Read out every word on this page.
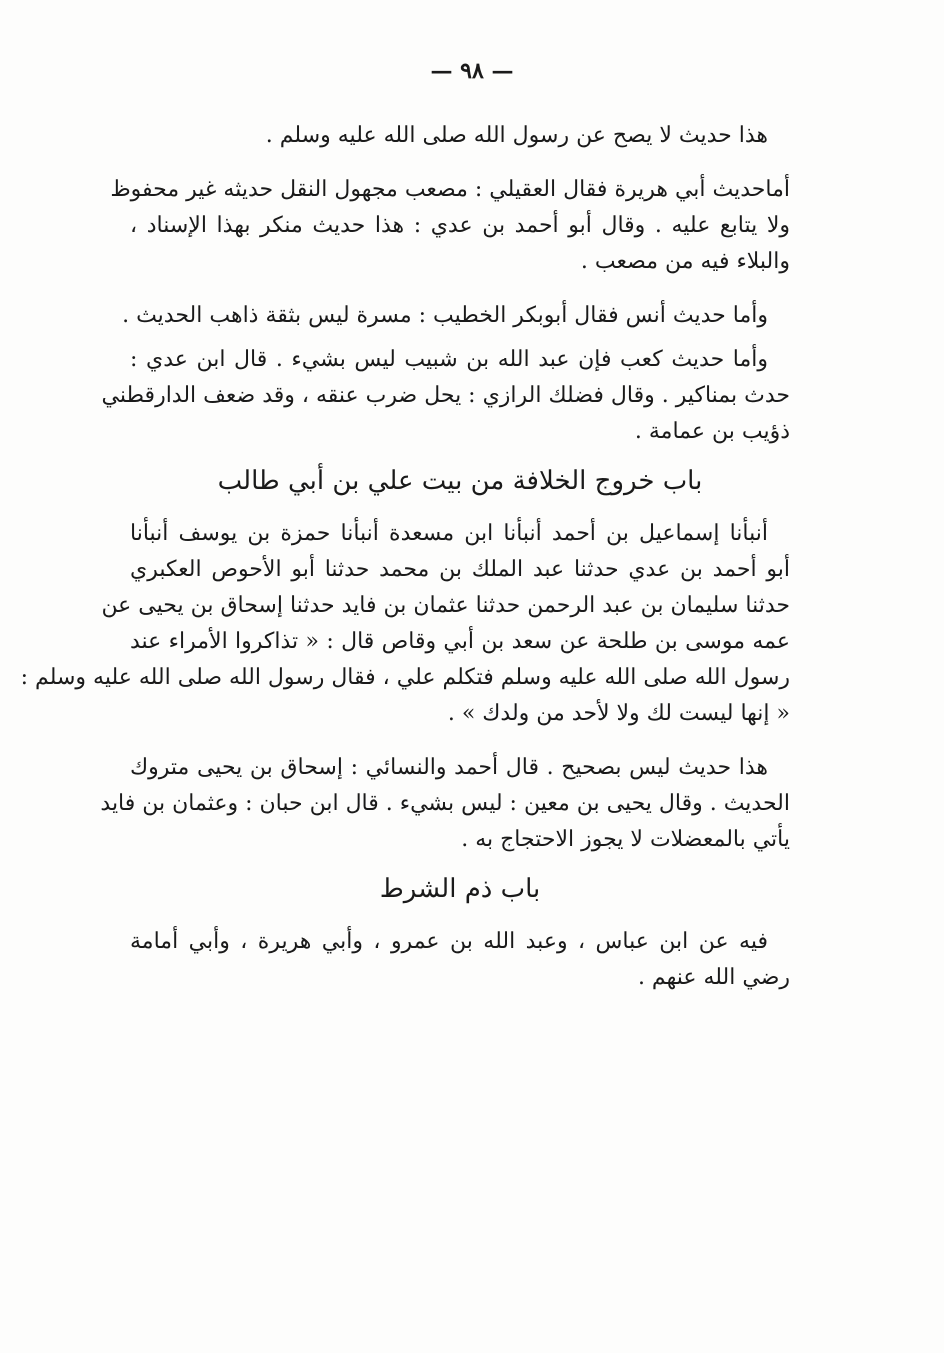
— ٩٨ —
هذا حديث لا يصح عن رسول الله صلى الله عليه وسلم .
أماحديث أبي هريرة فقال العقيلي : مصعب مجهول النقل حديثه غير محفوظ
ولا يتابع عليه . وقال أبو أحمد بن عدي : هذا حديث منكر بهذا الإسناد ،
والبلاء فيه من مصعب .
وأما حديث أنس فقال أبوبكر الخطيب : مسرة ليس بثقة ذاهب الحديث .
وأما حديث كعب فإن عبد الله بن شبيب ليس بشيء . قال ابن عدي :
حدث بمناكير . وقال فضلك الرازي : يحل ضرب عنقه ، وقد ضعف الدارقطني
ذؤيب بن عمامة .
باب خروج الخلافة من بيت علي بن أبي طالب
أنبأنا إسماعيل بن أحمد أنبأنا ابن مسعدة أنبأنا حمزة بن يوسف أنبأنا
أبو أحمد بن عدي حدثنا عبد الملك بن محمد حدثنا أبو الأحوص العكبري
حدثنا سليمان بن عبد الرحمن حدثنا عثمان بن فايد حدثنا إسحاق بن يحيى عن
عمه موسى بن طلحة عن سعد بن أبي وقاص قال : « تذاكروا الأمراء عند
رسول الله صلى الله عليه وسلم فتكلم علي ، فقال رسول الله صلى الله عليه وسلم :
« إنها ليست لك ولا لأحد من ولدك » .
هذا حديث ليس بصحيح . قال أحمد والنسائي : إسحاق بن يحيى متروك
الحديث . وقال يحيى بن معين : ليس بشيء . قال ابن حبان : وعثمان بن فايد
يأتي بالمعضلات لا يجوز الاحتجاج به .
باب ذم الشرط
فيه عن ابن عباس ، وعبد الله بن عمرو ، وأبي هريرة ، وأبي أمامة
رضي الله عنهم .
